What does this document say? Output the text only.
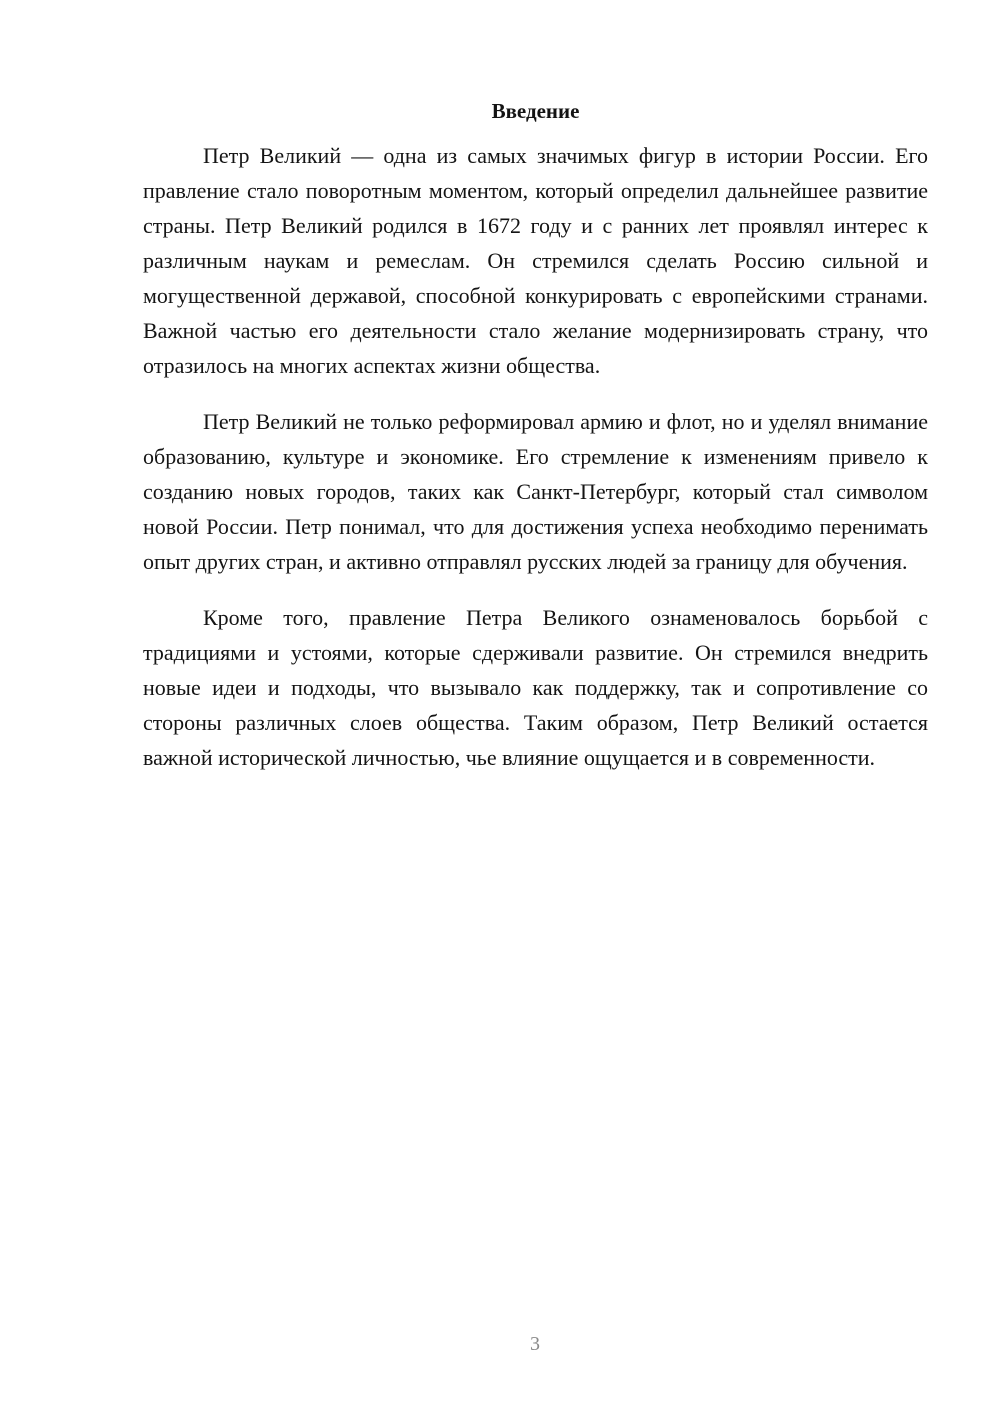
Введение

Петр Великий — одна из самых значимых фигур в истории России. Его правление стало поворотным моментом, который определил дальнейшее развитие страны. Петр Великий родился в 1672 году и с ранних лет проявлял интерес к различным наукам и ремеслам. Он стремился сделать Россию сильной и могущественной державой, способной конкурировать с европейскими странами. Важной частью его деятельности стало желание модернизировать страну, что отразилось на многих аспектах жизни общества.

Петр Великий не только реформировал армию и флот, но и уделял внимание образованию, культуре и экономике. Его стремление к изменениям привело к созданию новых городов, таких как Санкт-Петербург, который стал символом новой России. Петр понимал, что для достижения успеха необходимо перенимать опыт других стран, и активно отправлял русских людей за границу для обучения.

Кроме того, правление Петра Великого ознаменовалось борьбой с традициями и устоями, которые сдерживали развитие. Он стремился внедрить новые идеи и подходы, что вызывало как поддержку, так и сопротивление со стороны различных слоев общества. Таким образом, Петр Великий остается важной исторической личностью, чье влияние ощущается и в современности.

3
